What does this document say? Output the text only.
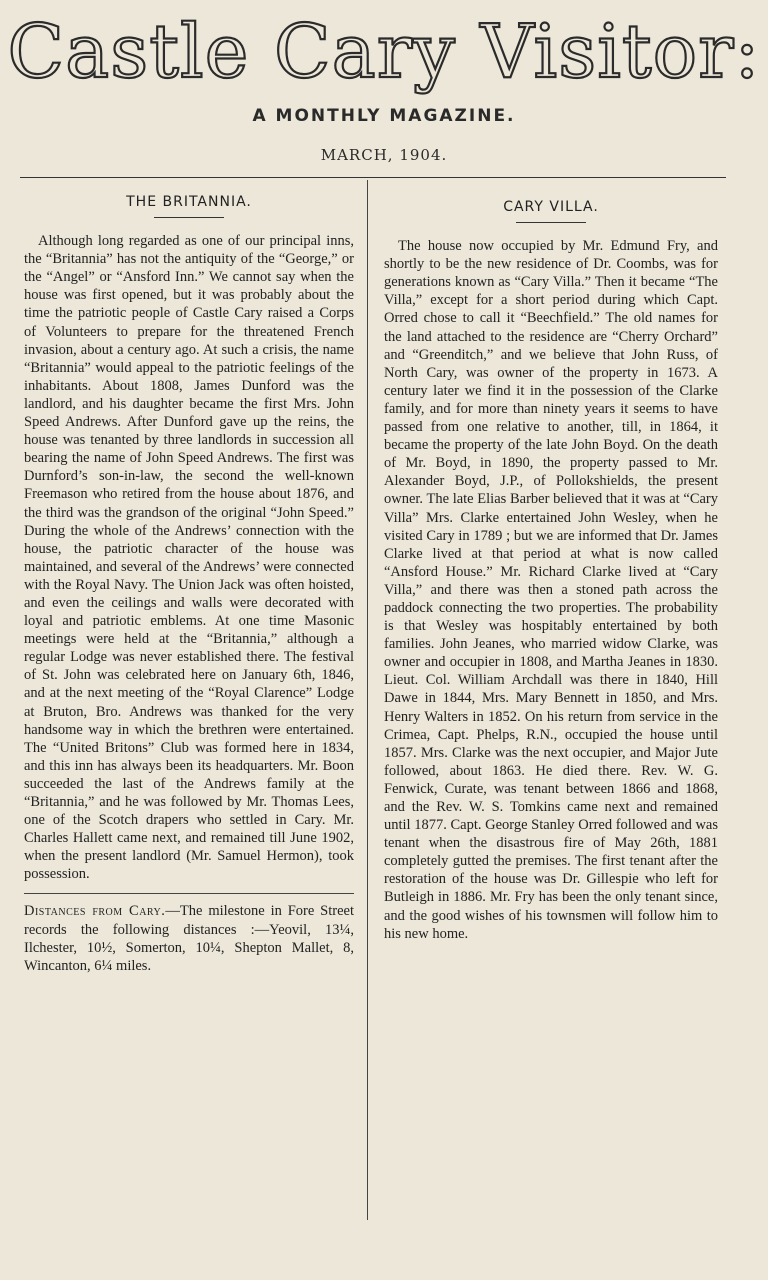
Castle Cary Visitor:
A MONTHLY MAGAZINE.
MARCH, 1904.
THE BRITANNIA.

Although long regarded as one of our principal inns, the “Britannia” has not the antiquity of the “George,” or the “Angel” or “Ansford Inn.” We cannot say when the house was first opened, but it was probably about the time the patriotic people of Castle Cary raised a Corps of Volunteers to prepare for the threatened French invasion, about a century ago. At such a crisis, the name “Britannia” would appeal to the patriotic feelings of the inhabitants. About 1808, James Dunford was the landlord, and his daughter became the first Mrs. John Speed Andrews. After Dunford gave up the reins, the house was tenanted by three landlords in succession all bearing the name of John Speed Andrews. The first was Durnford’s son-in-law, the second the well-known Freemason who retired from the house about 1876, and the third was the grandson of the original “John Speed.” During the whole of the Andrews’ connection with the house, the patriotic character of the house was maintained, and several of the Andrews’ were connected with the Royal Navy. The Union Jack was often hoisted, and even the ceilings and walls were decorated with loyal and patriotic emblems. At one time Masonic meetings were held at the “Britannia,” although a regular Lodge was never established there. The festival of St. John was celebrated here on January 6th, 1846, and at the next meeting of the “Royal Clarence” Lodge at Bruton, Bro. Andrews was thanked for the very handsome way in which the brethren were entertained. The “United Britons” Club was formed here in 1834, and this inn has always been its headquarters. Mr. Boon succeeded the last of the Andrews family at the “Britannia,” and he was followed by Mr. Thomas Lees, one of the Scotch drapers who settled in Cary. Mr. Charles Hallett came next, and remained till June 1902, when the present landlord (Mr. Samuel Hermon), took possession.

Distances from Cary.—The milestone in Fore Street records the following distances :—Yeovil, 13¼, Ilchester, 10½, Somerton, 10¼, Shepton Mallet, 8, Wincanton, 6¼ miles.

CARY VILLA.

The house now occupied by Mr. Edmund Fry, and shortly to be the new residence of Dr. Coombs, was for generations known as “Cary Villa.” Then it became “The Villa,” except for a short period during which Capt. Orred chose to call it “Beechfield.” The old names for the land attached to the residence are “Cherry Orchard” and “Greenditch,” and we believe that John Russ, of North Cary, was owner of the property in 1673. A century later we find it in the possession of the Clarke family, and for more than ninety years it seems to have passed from one relative to another, till, in 1864, it became the property of the late John Boyd. On the death of Mr. Boyd, in 1890, the property passed to Mr. Alexander Boyd, J.P., of Pollokshields, the present owner. The late Elias Barber believed that it was at “Cary Villa” Mrs. Clarke entertained John Wesley, when he visited Cary in 1789 ; but we are informed that Dr. James Clarke lived at that period at what is now called “Ansford House.” Mr. Richard Clarke lived at “Cary Villa,” and there was then a stoned path across the paddock connecting the two properties. The probability is that Wesley was hospitably entertained by both families. John Jeanes, who married widow Clarke, was owner and occupier in 1808, and Martha Jeanes in 1830. Lieut. Col. William Archdall was there in 1840, Hill Dawe in 1844, Mrs. Mary Bennett in 1850, and Mrs. Henry Walters in 1852. On his return from service in the Crimea, Capt. Phelps, R.N., occupied the house until 1857. Mrs. Clarke was the next occupier, and Major Jute followed, about 1863. He died there. Rev. W. G. Fenwick, Curate, was tenant between 1866 and 1868, and the Rev. W. S. Tomkins came next and remained until 1877. Capt. George Stanley Orred followed and was tenant when the disastrous fire of May 26th, 1881 completely gutted the premises. The first tenant after the restoration of the house was Dr. Gillespie who left for Butleigh in 1886. Mr. Fry has been the only tenant since, and the good wishes of his townsmen will follow him to his new home.
